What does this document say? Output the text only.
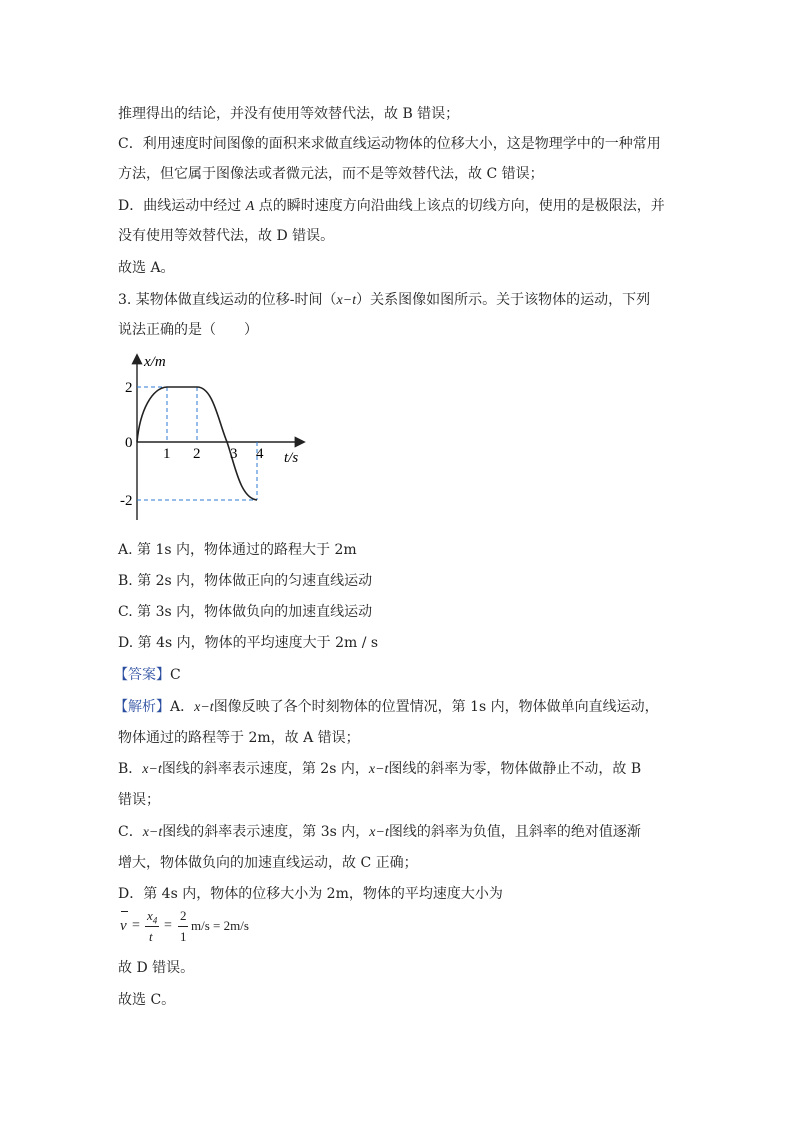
推理得出的结论，并没有使用等效替代法，故 B 错误；
C．利用速度时间图像的面积来求做直线运动物体的位移大小，这是物理学中的一种常用
方法，但它属于图像法或者微元法，而不是等效替代法，故 C 错误；
D．曲线运动中经过 A 点的瞬时速度方向沿曲线上该点的切线方向，使用的是极限法，并
没有使用等效替代法，故 D 错误。
故选 A。
3. 某物体做直线运动的位移-时间（x−t）关系图像如图所示。关于该物体的运动，下列
说法正确的是（　　）
x/m
t/s
2
0
-2
1 2 3 4
A. 第 1s 内，物体通过的路程大于 2m
B. 第 2s 内，物体做正向的匀速直线运动
C. 第 3s 内，物体做负向的加速直线运动
D. 第 4s 内，物体的平均速度大于 2m / s
【答案】C
【解析】A．x−t图像反映了各个时刻物体的位置情况，第 1s 内，物体做单向直线运动，
物体通过的路程等于 2m，故 A 错误；
B．x−t图线的斜率表示速度，第 2s 内，x−t图线的斜率为零，物体做静止不动，故 B
错误；
C．x−t图线的斜率表示速度，第 3s 内，x−t图线的斜率为负值，且斜率的绝对值逐渐
增大，物体做负向的加速直线运动，故 C 正确；
D．第 4s 内，物体的位移大小为 2m，物体的平均速度大小为
v =
$x_4$
t
=
2
1
m/s = 2m/s
故 D 错误。
故选 C。
